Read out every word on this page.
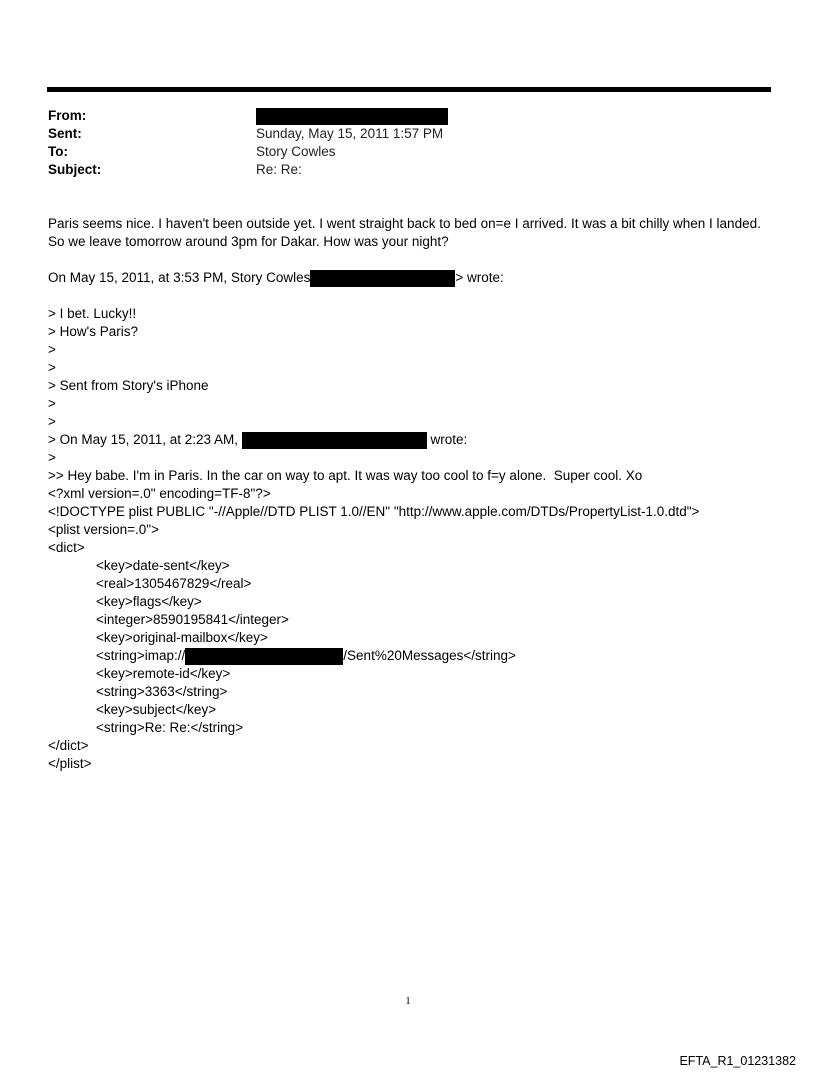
From:
Sent:	Sunday, May 15, 2011 1:57 PM
To:	Story Cowles
Subject:	Re: Re:

Paris seems nice. I haven't been outside yet. I went straight back to bed on=e I arrived. It was a bit chilly when I landed.

So we leave tomorrow around 3pm for Dakar. How was your night?

On May 15, 2011, at 3:53 PM, Story Cowles	> wrote:

> I bet. Lucky!!

> How's Paris?

>

>

> Sent from Story's iPhone

>

>

> On May 15, 2011, at 2:23 AM,	wrote:

>

>> Hey babe. I'm in Paris. In the car on way to apt. It was way too cool to f=y alone.  Super cool. Xo

<?xml version=.0" encoding=TF-8"?>

<!DOCTYPE plist PUBLIC "-//Apple//DTD PLIST 1.0//EN" "http://www.apple.com/DTDs/PropertyList-1.0.dtd">

<plist version=.0">

<dict>

<key>date-sent</key>

<real>1305467829</real>

<key>flags</key>

<integer>8590195841</integer>

<key>original-mailbox</key>

<string>imap://	/Sent%20Messages</string>

<key>remote-id</key>

<string>3363</string>

<key>subject</key>

<string>Re: Re:</string>

</dict>

</plist>

1
EFTA_R1_01231382
